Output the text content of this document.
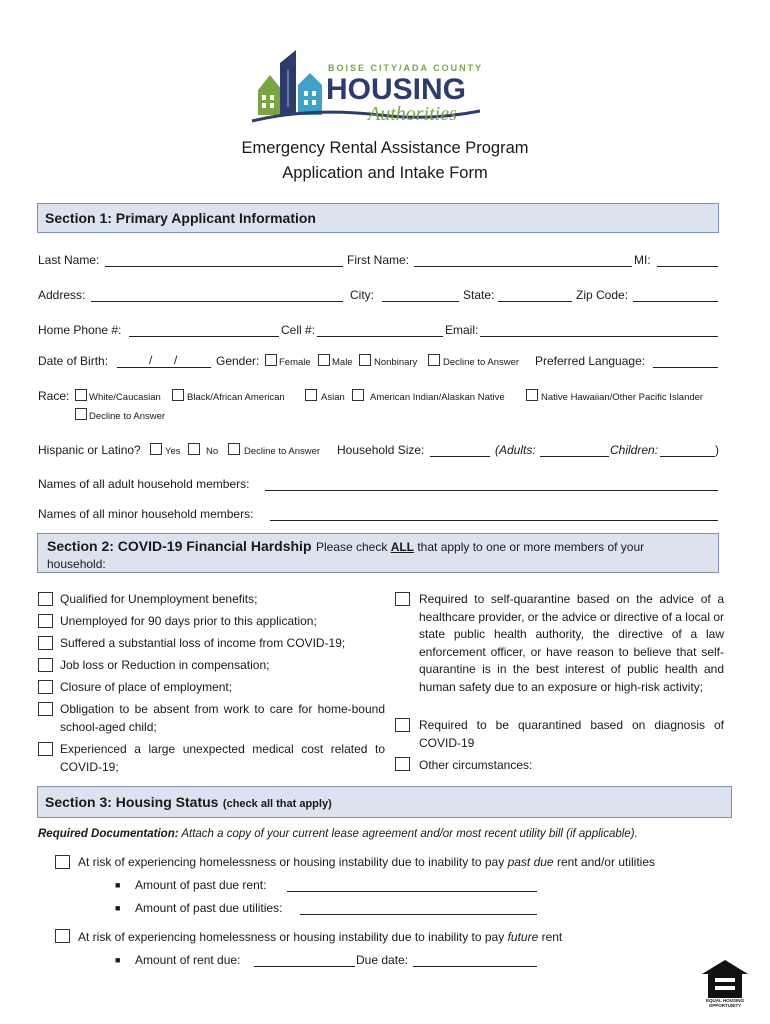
BOISE CITY/ADA COUNTY
HOUSING
Authorities
Emergency Rental Assistance Program
Application and Intake Form
Section 1: Primary Applicant Information
Last Name:	First Name:	MI:
Address:	City:	State:	Zip Code:
Home Phone #:	Cell #:	Email:
Date of Birth:	/ /	Gender: Female Male Nonbinary	Decline to Answer Preferred Language:
Race: White/Caucasian	Black/African American	Asian	American Indian/Alaskan Native	Native Hawaiian/Other Pacific Islander
Decline to Answer
Hispanic or Latino?	Yes	No	Decline to Answer Household Size:	(Adults:	Children:	)
Names of all adult household members:
Names of all minor household members:
Section 2: COVID-19 Financial Hardship Please check ALL that apply to one or more members of your
household:
Qualified for Unemployment benefits;
Unemployed for 90 days prior to this application;
Suffered a substantial loss of income from COVID-19;
Job loss or Reduction in compensation;
Closure of place of employment;
Obligation to be absent from work to care for home-bound school-aged child;
Experienced a large unexpected medical cost related to COVID-19;
Required to self-quarantine based on the advice of a healthcare provider, or the advice or directive of a local or state public health authority, the directive of a law enforcement officer, or have reason to believe that self-quarantine is in the best interest of public health and human safety due to an exposure or high-risk activity;
Required to be quarantined based on diagnosis of COVID-19
Other circumstances:
Section 3: Housing Status (check all that apply)
Required Documentation: Attach a copy of your current lease agreement and/or most recent utility bill (if applicable).
At risk of experiencing homelessness or housing instability due to inability to pay past due rent and/or utilities
■ Amount of past due rent:
■ Amount of past due utilities:
At risk of experiencing homelessness or housing instability due to inability to pay future rent
■ Amount of rent due:	Due date:
EQUAL HOUSING OPPORTUNITY
